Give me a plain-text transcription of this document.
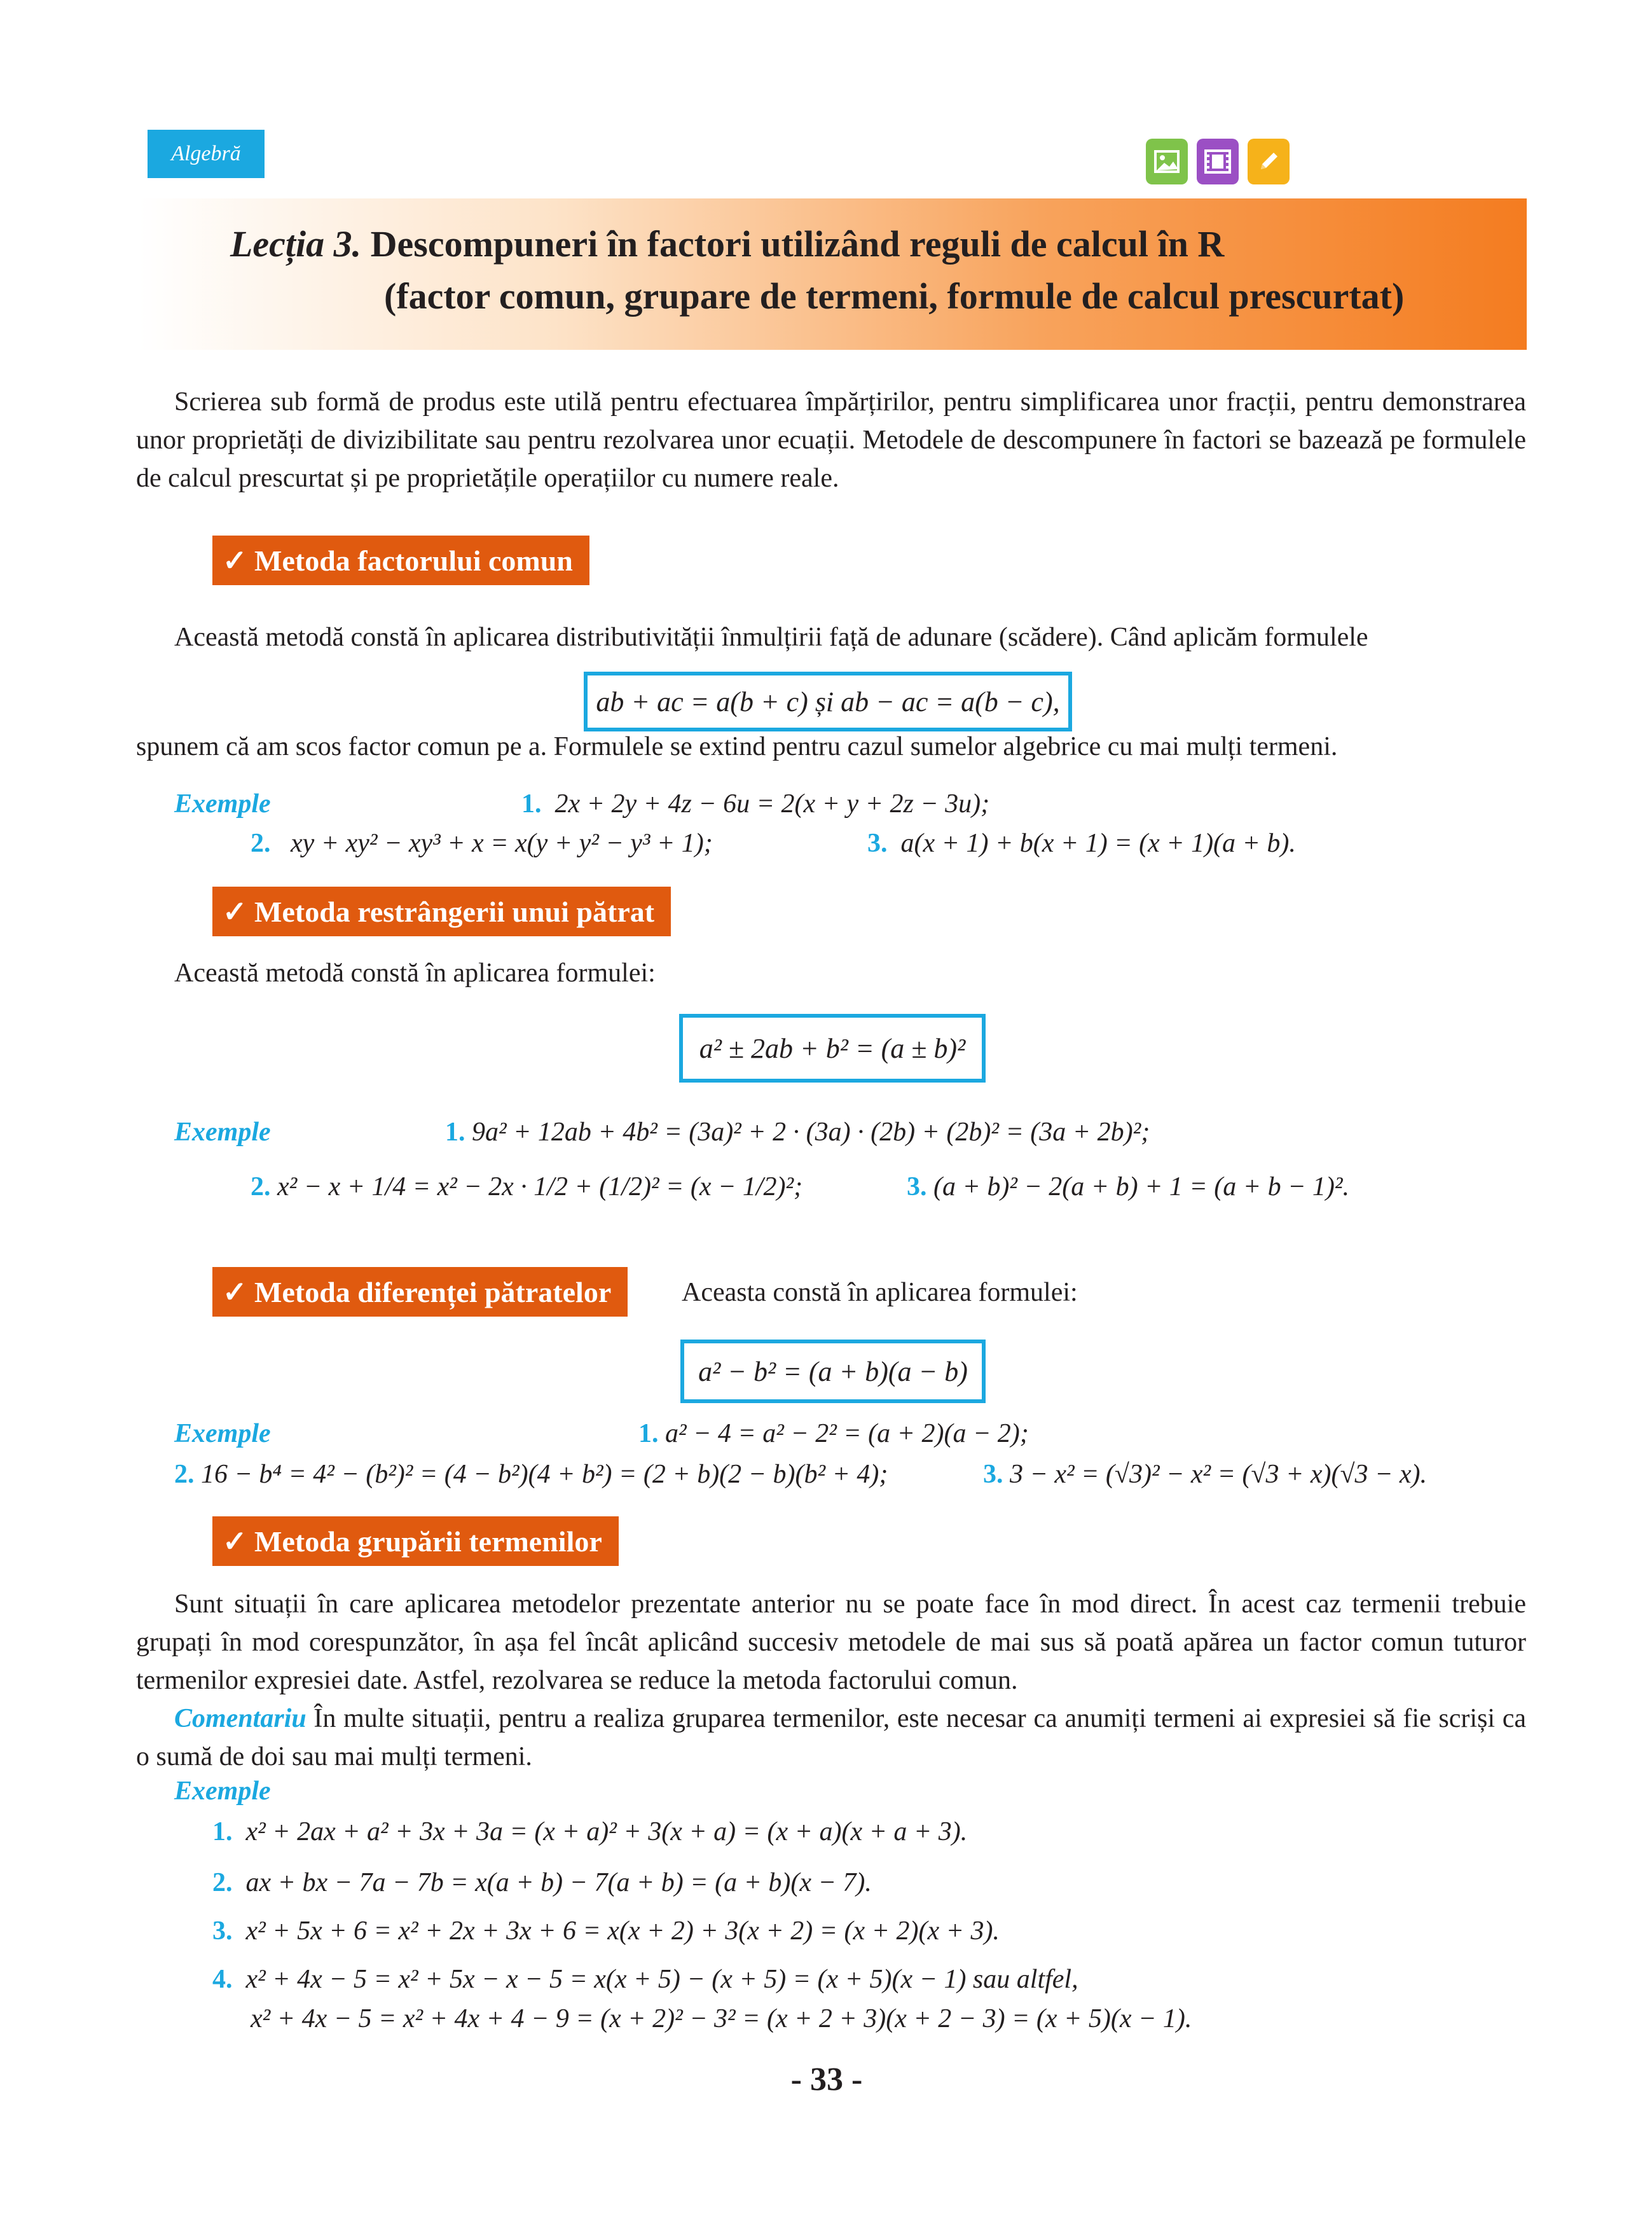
Algebră
Lecția 3. Descompuneri în factori utilizând reguli de calcul în R
(factor comun, grupare de termeni, formule de calcul prescurtat)
Scrierea sub formă de produs este utilă pentru efectuarea împărțirilor, pentru simplificarea unor fracții, pentru demonstrarea unor proprietăți de divizibilitate sau pentru rezolvarea unor ecuații. Metodele de descompunere în factori se bazează pe formulele de calcul prescurtat și pe proprietățile operațiilor cu numere reale.
✓ Metoda factorului comun
Această metodă constă în aplicarea distributivității înmulțirii față de adunare (scădere). Când aplicăm formulele
ab + ac = a(b + c) și ab − ac = a(b − c),
spunem că am scos factor comun pe a. Formulele se extind pentru cazul sumelor algebrice cu mai mulți termeni.
Exemple	1. 2x + 2y + 4z − 6u = 2(x + y + 2z − 3u);
2. xy + xy² − xy³ + x = x(y + y² − y³ + 1);	3. a(x + 1) + b(x + 1) = (x + 1)(a + b).
✓ Metoda restrângerii unui pătrat
Această metodă constă în aplicarea formulei:
a² ± 2ab + b² = (a ± b)²
Exemple	1. 9a² + 12ab + 4b² = (3a)² + 2 · (3a) · (2b) + (2b)² = (3a + 2b)²;
2. x² − x + 1/4 = x² − 2x · 1/2 + (1/2)² = (x − 1/2)²;	3. (a + b)² − 2(a + b) + 1 = (a + b − 1)².
✓ Metoda diferenței pătratelor	Aceasta constă în aplicarea formulei:
a² − b² = (a + b)(a − b)
Exemple	1. a² − 4 = a² − 2² = (a + 2)(a − 2);
2. 16 − b⁴ = 4² − (b²)² = (4 − b²)(4 + b²) = (2 + b)(2 − b)(b² + 4);	3. 3 − x² = (√3)² − x² = (√3 + x)(√3 − x).
✓ Metoda grupării termenilor
Sunt situații în care aplicarea metodelor prezentate anterior nu se poate face în mod direct. În acest caz termenii trebuie grupați în mod corespunzător, în așa fel încât aplicând succesiv metodele de mai sus să poată apărea un factor comun tuturor termenilor expresiei date. Astfel, rezolvarea se reduce la metoda factorului comun.
Comentariu În multe situații, pentru a realiza gruparea termenilor, este necesar ca anumiți termeni ai expresiei să fie scriși ca o sumă de doi sau mai mulți termeni.
Exemple
1. x² + 2ax + a² + 3x + 3a = (x + a)² + 3(x + a) = (x + a)(x + a + 3).
2. ax + bx − 7a − 7b = x(a + b) − 7(a + b) = (a + b)(x − 7).
3. x² + 5x + 6 = x² + 2x + 3x + 6 = x(x + 2) + 3(x + 2) = (x + 2)(x + 3).
4. x² + 4x − 5 = x² + 5x − x − 5 = x(x + 5) − (x + 5) = (x + 5)(x − 1) sau altfel,
x² + 4x − 5 = x² + 4x + 4 − 9 = (x + 2)² − 3² = (x + 2 + 3)(x + 2 − 3) = (x + 5)(x − 1).
- 33 -
